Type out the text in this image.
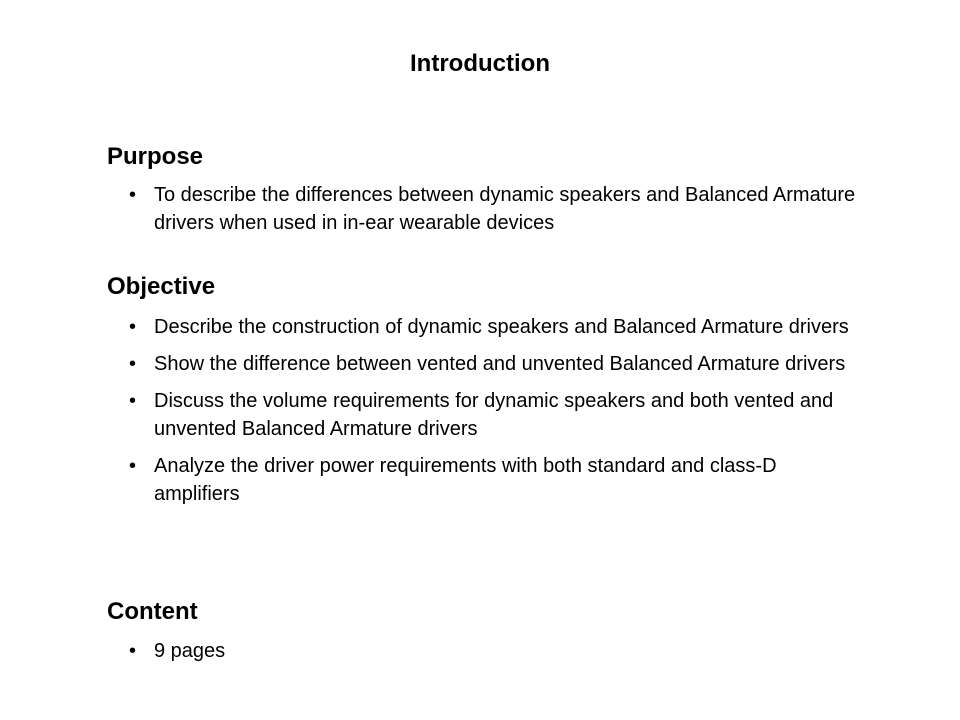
Introduction
Purpose
• To describe the differences between dynamic speakers and Balanced Armature drivers when used in in-ear wearable devices
Objective
• Describe the construction of dynamic speakers and Balanced Armature drivers
• Show the difference between vented and unvented Balanced Armature drivers
• Discuss the volume requirements for dynamic speakers and both vented and unvented Balanced Armature drivers
• Analyze the driver power requirements with both standard and class-D amplifiers
Content
• 9 pages
